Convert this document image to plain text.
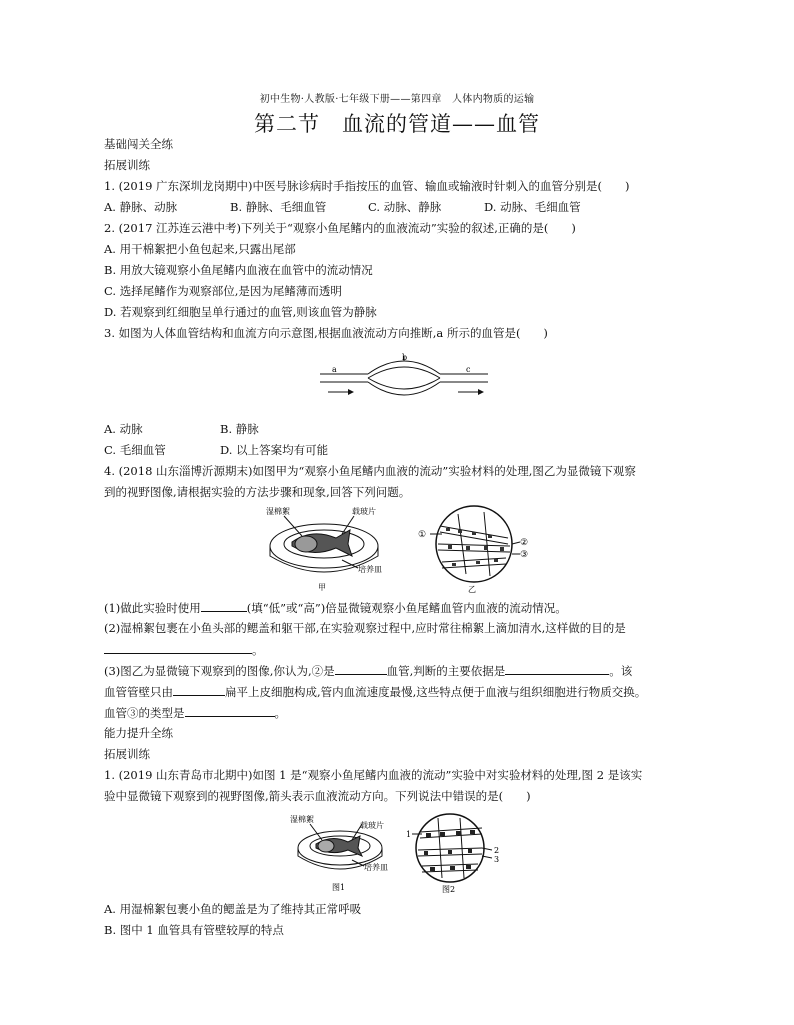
初中生物·人教版·七年级下册——第四章　人体内物质的运输
第二节　血流的管道——血管
基础闯关全练
拓展训练
1. (2019 广东深圳龙岗期中)中医号脉诊病时手指按压的血管、输血或输液时针刺入的血管分别是(　　)
A. 静脉、动脉	B. 静脉、毛细血管	C. 动脉、静脉	D. 动脉、毛细血管
2. (2017 江苏连云港中考)下列关于“观察小鱼尾鳍内的血液流动”实验的叙述,正确的是(　　)
A. 用干棉絮把小鱼包起来,只露出尾部
B. 用放大镜观察小鱼尾鳍内血液在血管中的流动情况
C. 选择尾鳍作为观察部位,是因为尾鳍薄而透明
D. 若观察到红细胞呈单行通过的血管,则该血管为静脉
3. 如图为人体血管结构和血流方向示意图,根据血液流动方向推断,a 所示的血管是(　　)
a
b
c
A. 动脉	B. 静脉
C. 毛细血管	D. 以上答案均有可能
4. (2018 山东淄博沂源期末)如图甲为“观察小鱼尾鳍内血液的流动”实验材料的处理,图乙为显微镜下观察
到的视野图像,请根据实验的方法步骤和现象,回答下列问题。
湿棉絮	载玻片
培养皿
甲
①
②
③
乙
(1)做此实验时使用	(填“低”或“高”)倍显微镜观察小鱼尾鳍血管内血液的流动情况。
(2)湿棉絮包裹在小鱼头部的鳃盖和躯干部,在实验观察过程中,应时常往棉絮上滴加清水,这样做的目的是
。
(3)图乙为显微镜下观察到的图像,你认为,②是	血管,判断的主要依据是	。该
血管管壁只由	扁平上皮细胞构成,管内血流速度最慢,这些特点便于血液与组织细胞进行物质交换。
血管③的类型是	。
能力提升全练
拓展训练
1. (2019 山东青岛市北期中)如图 1 是“观察小鱼尾鳍内血液的流动”实验中对实验材料的处理,图 2 是该实
验中显微镜下观察到的视野图像,箭头表示血液流动方向。下列说法中错误的是(　　)
湿棉絮
载玻片
培养皿
图1
1
2
3
图2
A. 用湿棉絮包裹小鱼的鳃盖是为了维持其正常呼吸
B. 图中 1 血管具有管壁较厚的特点
